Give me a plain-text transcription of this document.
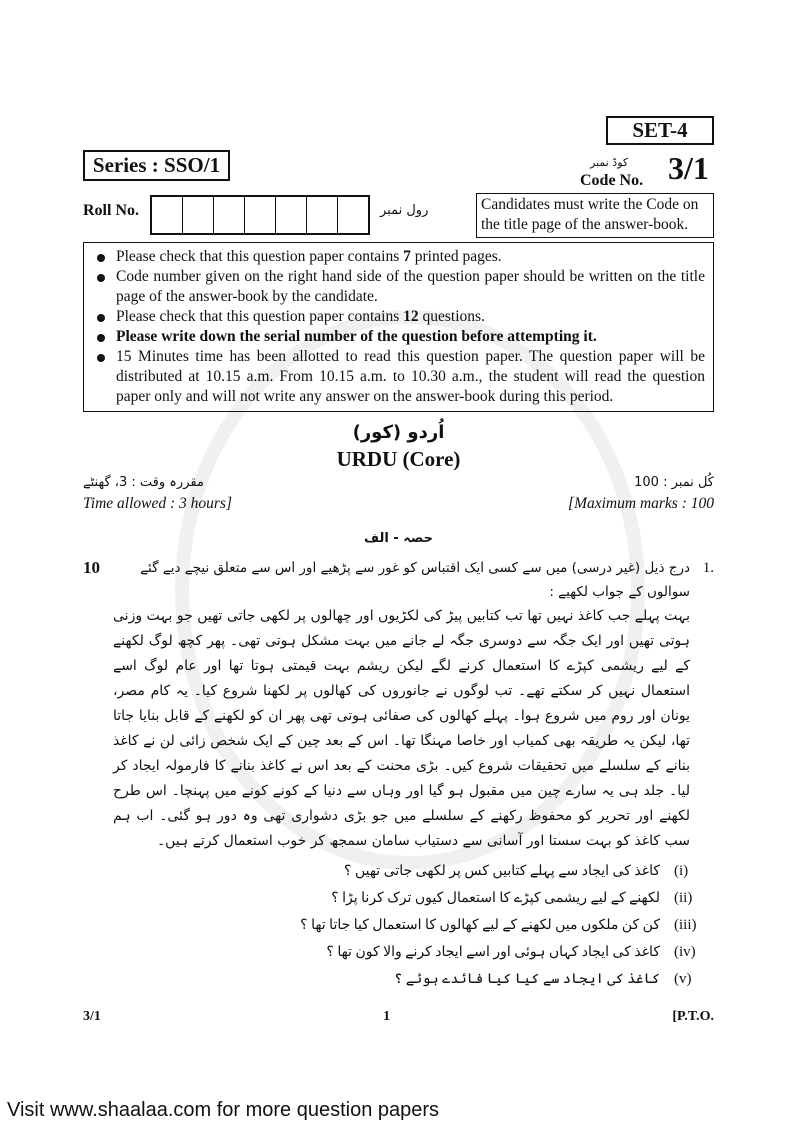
SET-4
Series : SSO/1	کوڈ نمبر
Code No. 3/1
Roll No.	رول نمبر	Candidates must write the Code on the title page of the answer-book.
Please check that this question paper contains 7 printed pages.
Code number given on the right hand side of the question paper should be written on the title page of the answer-book by the candidate.
Please check that this question paper contains 12 questions.
Please write down the serial number of the question before attempting it.
15 Minutes time has been allotted to read this question paper. The question paper will be distributed at 10.15 a.m. From 10.15 a.m. to 10.30 a.m., the student will read the question paper only and will not write any answer on the answer-book during this period.
اُردو (کور)
URDU (Core)
مقررہ وقت : 3، گھنٹے	کُل نمبر : 100
Time allowed : 3 hours]	[Maximum marks : 100
حصہ - الف
10	درج ذیل (غیر درسی) میں سے کسی ایک اقتباس کو غور سے پڑھیے اور اس سے متعلق نیچے دیے گئے سوالوں کے جواب لکھیے :
1.
بہت پہلے جب کاغذ نہیں تھا تب کتابیں پیڑ کی لکڑیوں اور چھالوں پر لکھی جاتی تھیں جو بہت وزنی ہوتی تھیں اور ایک جگہ سے دوسری جگہ لے جانے میں بہت مشکل ہوتی تھی۔ پھر کچھ لوگ لکھنے کے لیے ریشمی کپڑے کا استعمال کرنے لگے لیکن ریشم بہت قیمتی ہوتا تھا اور عام لوگ اسے استعمال نہیں کر سکتے تھے۔ تب لوگوں نے جانوروں کی کھالوں پر لکھنا شروع کیا۔ یہ کام مصر، یونان اور روم میں شروع ہوا۔ پہلے کھالوں کی صفائی ہوتی تھی پھر ان کو لکھنے کے قابل بنایا جاتا تھا، لیکن یہ طریقہ بھی کمیاب اور خاصا مہنگا تھا۔ اس کے بعد چین کے ایک شخص زائی لن نے کاغذ بنانے کے سلسلے میں تحقیقات شروع کیں۔ بڑی محنت کے بعد اس نے کاغذ بنانے کا فارمولہ ایجاد کر لیا۔ جلد ہی یہ سارے چین میں مقبول ہو گیا اور وہاں سے دنیا کے کونے کونے میں پہنچا۔ اس طرح لکھنے اور تحریر کو محفوظ رکھنے کے سلسلے میں جو بڑی دشواری تھی وہ دور ہو گئی۔ اب ہم سب کاغذ کو بہت سستا اور آسانی سے دستیاب سامان سمجھ کر خوب استعمال کرتے ہیں۔
(i)
کاغذ کی ایجاد سے پہلے کتابیں کس پر لکھی جاتی تھیں ؟
(ii)
لکھنے کے لیے ریشمی کپڑے کا استعمال کیوں ترک کرنا پڑا ؟
(iii)
کن کن ملکوں میں لکھنے کے لیے کھالوں کا استعمال کیا جاتا تھا ؟
(iv)
کاغذ کی ایجاد کہاں ہوئی اور اسے ایجاد کرنے والا کون تھا ؟
(v)
کاغذ کی ایجاد سے کیا کیا فائدے ہوئے ؟
3/1	1	[P.T.O.
Visit www.shaalaa.com for more question papers
